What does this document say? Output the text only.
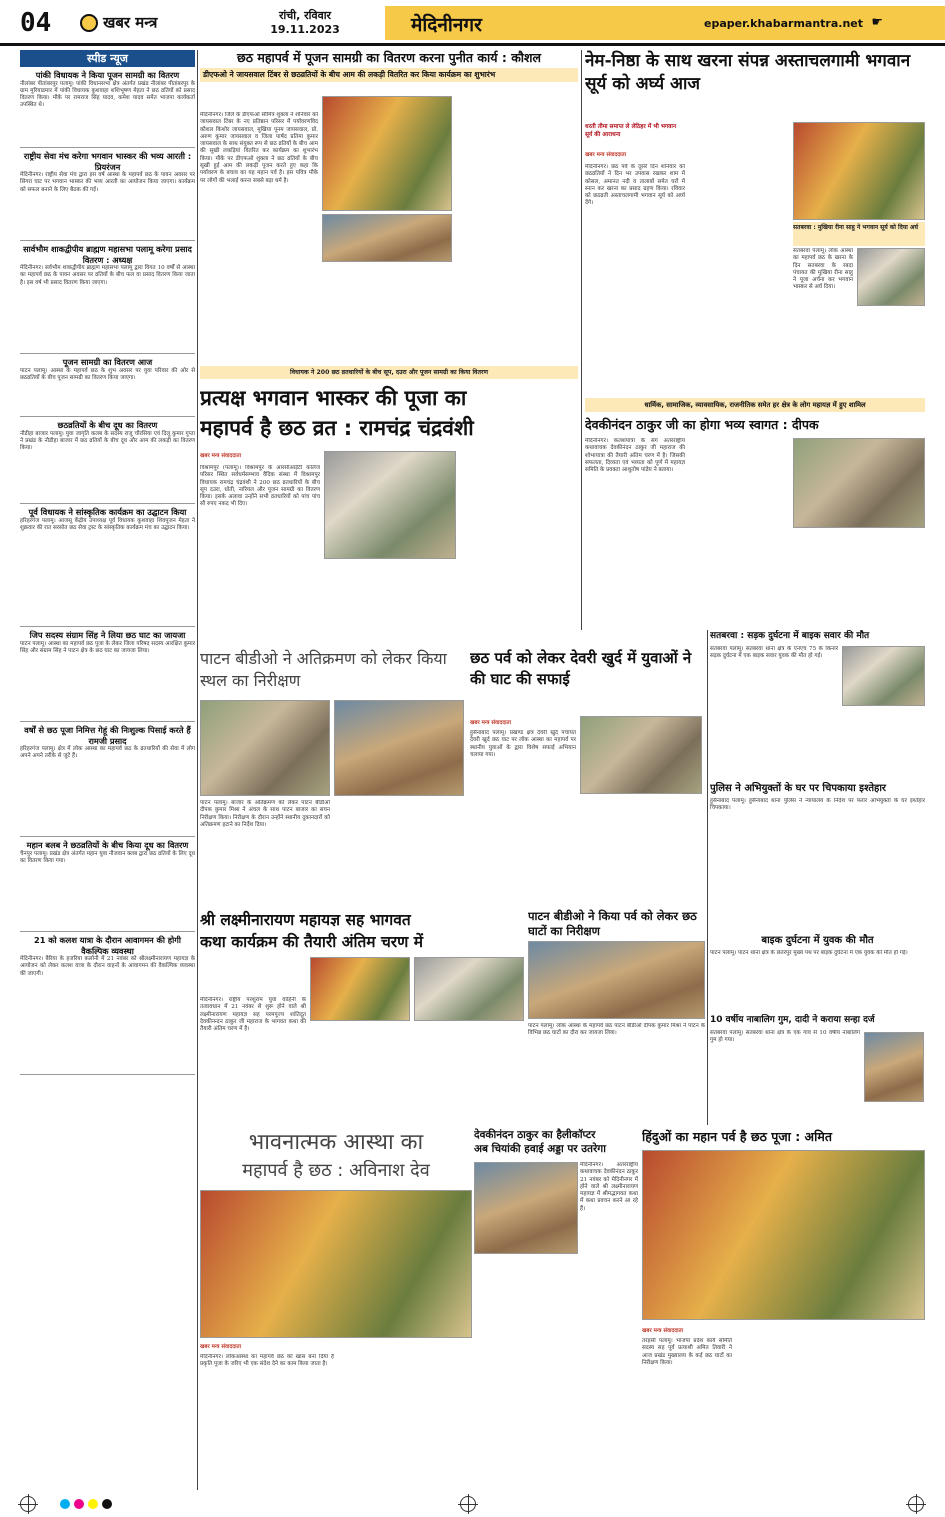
04	खबर मन्त्र	रांची, रविवार
19.11.2023	मेदिनीनगर	epaper.khabarmantra.net ☛
स्पीड न्यूज
पांकी विधायक ने किया पूजन सामग्री का वितरण
नीलांबर पीतांबरपुर पलामू। पांकी विधानसभा क्षेत्र अंतर्गत प्रखंड नीलांबर पीतांबरपुर के ग्राम मुरियाडमार में पांकी विधायक कुशवाहा शशिभूषण मेहता ने छठ व्रतियों को प्रसाद वितरण किया। मौके पर रामराज सिंह यादव, कमेश यादव समेत भाजपा कार्यकर्ता उपस्थित थे।
राष्ट्रीय सेवा मंच करेगा भगवान भास्कर की भव्य आरती : प्रियरंजन
मेदिनीनगर। राष्ट्रीय सेवा मंच द्वारा इस वर्ष आस्था के महापर्व छठ के पावन अवसर पर सिंगरा घाट पर भगवान भास्कर की भव्य आरती का आयोजन किया जाएगा। कार्यक्रम को सफल बनाने के लिए बैठक की गई।
सार्वभौम शाकद्वीपीय ब्राह्मण महासभा पलामू करेगा प्रसाद वितरण : अध्यक्ष
मेदिनीनगर। सर्वभौम शाकद्वीपीय ब्राह्मण महासभा पलामू द्वारा विगत 10 वर्षों से आस्था का महापर्व छठ के पावन अवसर पर व्रतियों के बीच फल वा प्रसाद वितरण किया जाता है। इस वर्ष भी प्रसाद वितरण किया जाएगा।
पूजन सामग्री का वितरण आज
पाटन पलामू। आस्था के महापर्व छठ के शुभ अवसर पर युवा परिवार की ओर से छठव्रतियों के बीच पूजन सामग्री का वितरण किया जाएगा।
छठव्रतियों के बीच दूध का वितरण
नौडीहा बाजार पलामू। युवा जागृति कलब के सदस्य राजू चौरसिया एवं दिलू कुमार गुप्ता ने प्रखंड के नौडीहा बाजार में छठ व्रतियों के बीच दूध और आम की लकड़ी का वितरण किया।
पूर्व विधायक ने सांस्कृतिक कार्यक्रम का उद्घाटन किया
हरिहरगंज पलामू। आजसू केंद्रीय उपाध्यक्ष पूर्व विधायक कुशवाहा शिवपूजन मेहता ने शुक्रवार की रात सरसोत छठ सेवा ट्रस्ट के सांस्कृतिक कार्यक्रम मंच का उद्घाटन किया।
जिप सदस्य संग्राम सिंह ने लिया छठ घाट का जायजा
पाटन पलामू। आस्था का महापर्व छठ पूजा के लेकर जिला परिषद सदस्य आरक्षित कुमार सिंह और संग्राम सिंह ने पाटन क्षेत्र के छठ घाट का जायजा लिया।
वर्षों से छठ पूजा निमित्त गेहूं की निःशुल्क पिसाई करते हैं रामजी प्रसाद
हरिहरगंज पलामू। क्षेत्र में लोक आस्था का महापर्व छठ के व्रतधारियों की सेवा में लोग अपने अपने तरीके से जुटे हैं।
महान बलब ने छठव्रतियों के बीच किया दूध का वितरण
चैनपुर पलामू। प्रखंड क्षेत्र अंतर्गत महान युवा नौजवान क्लब द्वारा छठ व्रतियों के लिए दूध का वितरण किया गया।
21 को कलश यात्रा के दौरान आवागमन की होगी वैकल्पिक व्यवस्था
मेदिनीनगर। बैरिया के हजरिया कलोनी में 21 नवंबर को श्रीलक्ष्मीनारायण महायज्ञ के आयोजन को लेकर कलश यात्रा के दौरान वाहनों के आवागमन की वैकल्पिक व्यवस्था की जाएगी।
छठ महापर्व में पूजन सामग्री का वितरण करना पुनीत कार्य : कौशल
डीएफओ ने जायसवाल टिंबर से छठव्रतियों के बीच आम की लकड़ी वितरित कर किया कार्यक्रम का शुभारंभ
मेदिनीनगर। जिले के डीएफओ सौमित्र शुक्ला ने शनिवार को जायसवाल टिंबर के नए प्रतिष्ठान परिसर में पर्यावरणविद कौशल किशोर जायसवाल, मुखिया पूनम जायसवाल, प्रो. अरुण कुमार जायसवाल व जिला पार्षद प्रतिमा कुमार जायसवाल के साथ संयुक्त रूप से छठ व्रतियों के बीच आम की सूखी लकड़ियां वितरित कर कार्यक्रम का शुभारंभ किया। मौके पर डीएफओ शुक्ला ने छठ व्रतियों के बीच सूखी हुई आम की लकड़ी पूजन करते हुए कहा कि पर्यावरण के बचाव का यह महान पर्व है। इस पवित्र मौके पर लोगों की भलाई करना सबसे बड़ा धर्म है।
विधायक ने 200 छठ व्रतधारियों के बीच सूप, दउरा और पूजन सामग्री का किया वितरण
प्रत्यक्ष भगवान भास्कर की पूजा का
महापर्व है छठ व्रत : रामचंद्र चंद्रवंशी
खबर मन्त्र संवाददाता
विश्रामपुर (पलामू)। विश्रामपुर के आरसीआईटी कॉलेज परिसर स्थित सर्वधर्मसम्भाव वैदिक संस्था में विश्रामपुर विधायक रामचंद्र चंद्रवंशी ने 200 छठ व्रतधारियों के बीच सूप दउरा, धोती, नारियल और पूजन सामग्री का वितरण किया। इसके अलावा उन्होंने सभी व्रतधारियों को पांच पांच सौ रुपए नकद भी दिए।
पाटन बीडीओ ने अतिक्रमण को लेकर किया स्थल का निरीक्षण
पाटन पलामू। बाजार के अतिक्रमण को लेकर पाटन बीडीओ दीपक कुमार मिश्रा ने अंचल के साथ पाटन बाजार का सघन निरीक्षण किया। निरीक्षण के दौरान उन्होंने स्थानीय दुकानदारों को अतिक्रमण हटाने का निर्देश दिया।
छठ पर्व को लेकर देवरी खुर्द में युवाओं ने की घाट की सफाई
खबर मन्त्र संवाददाता
हुसैनाबाद पलामू। प्रखण्ड क्षेत्र देवरी खुर्द पंचायत देवरी खुर्द छठ घाट पर लोक आस्था का महापर्व पर स्थानीय युवाओं के द्वारा विशेष सफाई अभियान चलाया गया।
श्री लक्ष्मीनारायण महायज्ञ सह भागवत
कथा कार्यक्रम की तैयारी अंतिम चरण में
मेदिनीनगर। राष्ट्रीय परशुराम युवा वाहिनी के तत्वावधान में 21 नवंबर से शुरू होने वाले श्री लक्ष्मीनारायण महायज्ञ सह परमपूज्य शांतिदूत देवकीनन्दन ठाकुर जी महाराज के भागवत कथा की तैयारी अंतिम चरण में है।
पाटन बीडीओ ने किया पर्व को लेकर छठ घाटों का निरीक्षण
पाटन पलामू। लोक आस्था के महापर्व छठ पाटन बीडीओ दीपक कुमार मिश्रा ने पाटन के विभिन्न छठ घाटों का दौरा कर जायजा लिया।
भावनात्मक आस्था का
महापर्व है छठ : अविनाश देव
खबर मन्त्र संवाददाता
मेदिनीनगर। लोकआस्था का महापर्व छठ को खास बना दिया है प्रकृति पूजा के जरिए भी एक संदेश देने का काम किया जाता है।
देवकीनंदन ठाकुर का हैलीकॉप्टर
अब चियांकी हवाई अड्डा पर उतरेगा
मेदिनीनगर। अंतरराष्ट्रीय कथावाचक देवकीनंदन ठाकुर 21 नवंबर को मेदिनीनगर में होने वाले श्री लक्ष्मीनारायण महायज्ञ में श्रीमद्भागवत कथा में कथा प्रवचन करने आ रहे हैं।
नेम-निष्ठा के साथ खरना संपन्न अस्ताचलगामी भगवान सूर्य को अर्घ्य आज
धरती तीमा समाप्त ले लेठिहर में भी भगवान सूर्य की आराधना
खबर मन्त्र संवाददाता
मेदिनीनगर। छठ पर्व के दूसरे दिन शनिवार को छठव्रतियों ने दिन भर उपवास रखकर शाम में कोसल, अमानत नदी व तालाबों समेत घरों में स्नान कर खरना का प्रसाद ग्रहण किया। रविवार को छठव्रती अस्ताचलगामी भगवान सूर्य को अर्घ्य देंगे।
सतबरवा : मुखिया रीना साहु ने भगवान सूर्य को दिया अर्घ
सतबरवा पलामू। लोक आस्था का महापर्व छठ के खरना के दिन सतबरवा के रबदा पंचायत की मुखिया रीना साहु ने पूजा अर्चना कर भगवान भास्कर से अर्घ दिया।
धार्मिक, सामाजिक, व्यावसायिक, राजनीतिक समेत हर क्षेत्र के लोग महायज्ञ में हुए शामिल
देवकीनंदन ठाकुर जी का होगा भव्य स्वागत : दीपक
मेदिनीनगर। कलशयात्रा के संग अंतरराष्ट्रीय कथावाचक देवकीनंदन ठाकुर जी महाराज की शोभायात्रा की तैयारी अंतिम चरण में है। जिसकी सफलता, दिव्यता एवं भव्यता को पूर्ण में महायज्ञ समिति के प्रवक्ता आशुतोष पांडेय ने बताया।
सतबरवा : सड़क दुर्घटना में बाइक सवार की मौत
सतबरवा पलामू। सतबरवा थाना क्षेत्र के एनएच 75 के किनारे सड़क दुर्घटना में एक बाइक सवार युवक की मौत हो गई।
पुलिस ने अभियुक्तों के घर पर चिपकाया इश्तेहार
हुसैनाबाद पलामू। हुसैनाबाद थाना पुलिस ने न्यायालय के निर्देश पर फरार अभियुक्तों के घर इश्तेहार चिपकाया।
बाइक दुर्घटना में युवक की मौत
पाटन पलामू। पाटन थाना क्षेत्र के छतरपुर मुख्य पथ पर बाइक दुर्घटना में एक युवक की मौत हो गई।
10 वर्षीय नाबालिग गुम, दादी ने कराया सन्हा दर्ज
सतबरवा पलामू। सतबरवा थाना क्षेत्र के एक गांव से 10 वर्षीय नाबालिग गुम हो गया।
हिंदुओं का महान पर्व है छठ पूजा : अमित
खबर मन्त्र संवाददाता
तरहसी पलामू। भाजपा प्रदेश कार्य समिति सदस्य सह पूर्व प्रत्याशी अमित तिवारी ने आज प्रखंड मुख्यालय के कई छठ घाटों का निरीक्षण किया।
